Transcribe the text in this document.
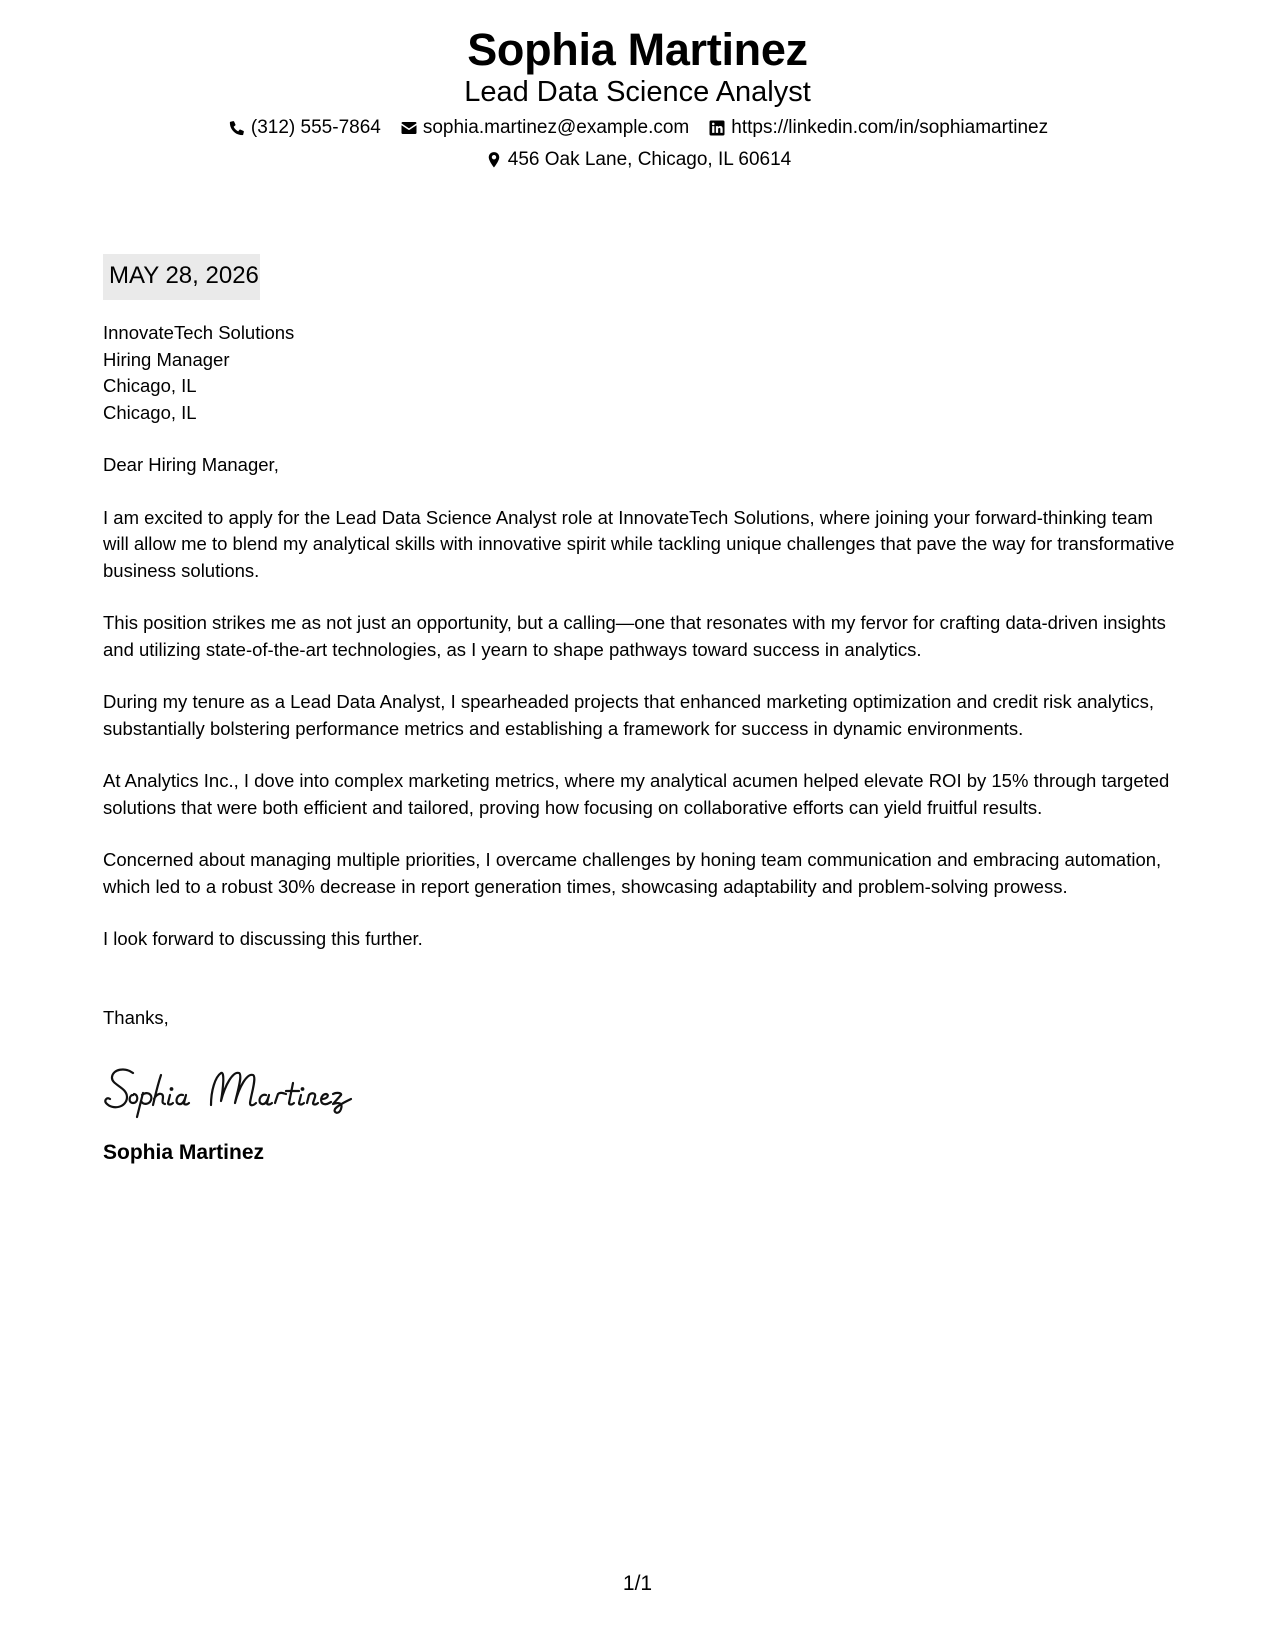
Sophia Martinez
Lead Data Science Analyst
(312) 555-7864 sophia.martinez@example.com https://linkedin.com/in/sophiamartinez
456 Oak Lane, Chicago, IL 60614
MAY 28, 2026
InnovateTech Solutions
Hiring Manager
Chicago, IL
Chicago, IL
Dear Hiring Manager,

I am excited to apply for the Lead Data Science Analyst role at InnovateTech Solutions, where joining your forward-thinking team will allow me to blend my analytical skills with innovative spirit while tackling unique challenges that pave the way for transformative business solutions.

This position strikes me as not just an opportunity, but a calling—one that resonates with my fervor for crafting data-driven insights and utilizing state-of-the-art technologies, as I yearn to shape pathways toward success in analytics.

During my tenure as a Lead Data Analyst, I spearheaded projects that enhanced marketing optimization and credit risk analytics, substantially bolstering performance metrics and establishing a framework for success in dynamic environments.

At Analytics Inc., I dove into complex marketing metrics, where my analytical acumen helped elevate ROI by 15% through targeted solutions that were both efficient and tailored, proving how focusing on collaborative efforts can yield fruitful results.

Concerned about managing multiple priorities, I overcame challenges by honing team communication and embracing automation, which led to a robust 30% decrease in report generation times, showcasing adaptability and problem-solving prowess.

I look forward to discussing this further.

Thanks,
Sophia Martinez
1/1
